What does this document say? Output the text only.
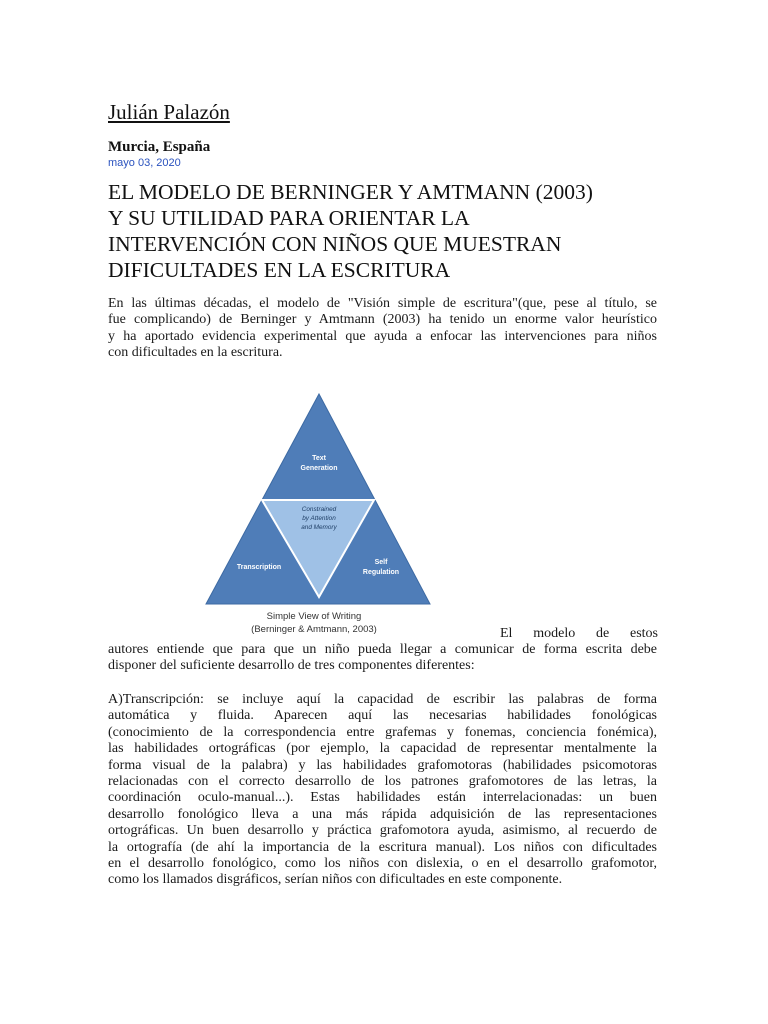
Julián Palazón
Murcia, España
mayo 03, 2020
EL MODELO DE BERNINGER Y AMTMANN (2003)
Y SU UTILIDAD PARA ORIENTAR LA
INTERVENCIÓN CON NIÑOS QUE MUESTRAN
DIFICULTADES EN LA ESCRITURA

En las últimas décadas, el modelo de "Visión simple de escritura"(que, pese al título, se
fue complicando) de Berninger y Amtmann (2003) ha tenido un enorme valor heurístico
y ha aportado evidencia experimental que ayuda a enfocar las intervenciones para niños
con dificultades en la escritura.

Text
Generation
Transcription
Self
Regulation
Constrained
by Attention
and Memory
Simple View of Writing
(Berninger & Amtmann, 2003)	El modelo de estos

autores entiende que para que un niño pueda llegar a comunicar de forma escrita debe
disponer del suficiente desarrollo de tres componentes diferentes:

A)Transcripción: se incluye aquí la capacidad de escribir las palabras de forma
automática y fluida. Aparecen aquí las necesarias habilidades fonológicas
(conocimiento de la correspondencia entre grafemas y fonemas, conciencia fonémica),
las habilidades ortográficas (por ejemplo, la capacidad de representar mentalmente la
forma visual de la palabra) y las habilidades grafomotoras (habilidades psicomotoras
relacionadas con el correcto desarrollo de los patrones grafomotores de las letras, la
coordinación oculo-manual...). Estas habilidades están interrelacionadas: un buen
desarrollo fonológico lleva a una más rápida adquisición de las representaciones
ortográficas. Un buen desarrollo y práctica grafomotora ayuda, asimismo, al recuerdo de
la ortografía (de ahí la importancia de la escritura manual). Los niños con dificultades
en el desarrollo fonológico, como los niños con dislexia, o en el desarrollo grafomotor,
como los llamados disgráficos, serían niños con dificultades en este componente.
